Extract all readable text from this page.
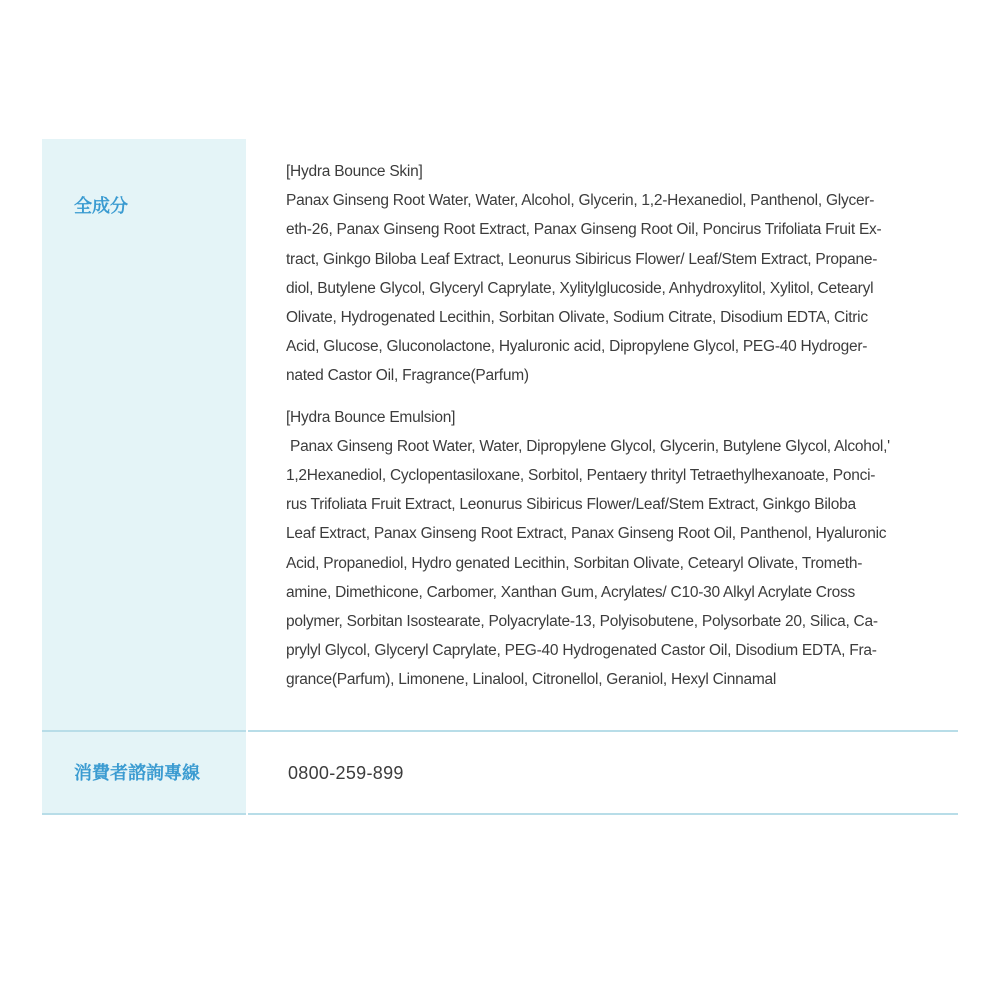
全成分
[Hydra Bounce Skin]
Panax Ginseng Root Water, Water, Alcohol, Glycerin, 1,2-Hexanediol, Panthenol, Glycer-
eth-26, Panax Ginseng Root Extract, Panax Ginseng Root Oil, Poncirus Trifoliata Fruit Ex-
tract, Ginkgo Biloba Leaf Extract, Leonurus Sibiricus Flower/ Leaf/Stem Extract, Propane-
diol, Butylene Glycol, Glyceryl Caprylate, Xylitylglucoside, Anhydroxylitol, Xylitol, Cetearyl
Olivate, Hydrogenated Lecithin, Sorbitan Olivate, Sodium Citrate, Disodium EDTA, Citric
Acid, Glucose, Gluconolactone, Hyaluronic acid, Dipropylene Glycol, PEG-40 Hydroger-
nated Castor Oil, Fragrance(Parfum)
[Hydra Bounce Emulsion]
Panax Ginseng Root Water, Water, Dipropylene Glycol, Glycerin, Butylene Glycol, Alcohol,'
1,2Hexanediol, Cyclopentasiloxane, Sorbitol, Pentaery thrityl Tetraethylhexanoate, Ponci-
rus Trifoliata Fruit Extract, Leonurus Sibiricus Flower/Leaf/Stem Extract, Ginkgo Biloba
Leaf Extract, Panax Ginseng Root Extract, Panax Ginseng Root Oil, Panthenol, Hyaluronic
Acid, Propanediol, Hydro genated Lecithin, Sorbitan Olivate, Cetearyl Olivate, Trometh-
amine, Dimethicone, Carbomer, Xanthan Gum, Acrylates/ C10-30 Alkyl Acrylate Cross
polymer, Sorbitan Isostearate, Polyacrylate-13, Polyisobutene, Polysorbate 20, Silica, Ca-
prylyl Glycol, Glyceryl Caprylate, PEG-40 Hydrogenated Castor Oil, Disodium EDTA, Fra-
grance(Parfum), Limonene, Linalool, Citronellol, Geraniol, Hexyl Cinnamal
消費者諮詢專線	0800-259-899
